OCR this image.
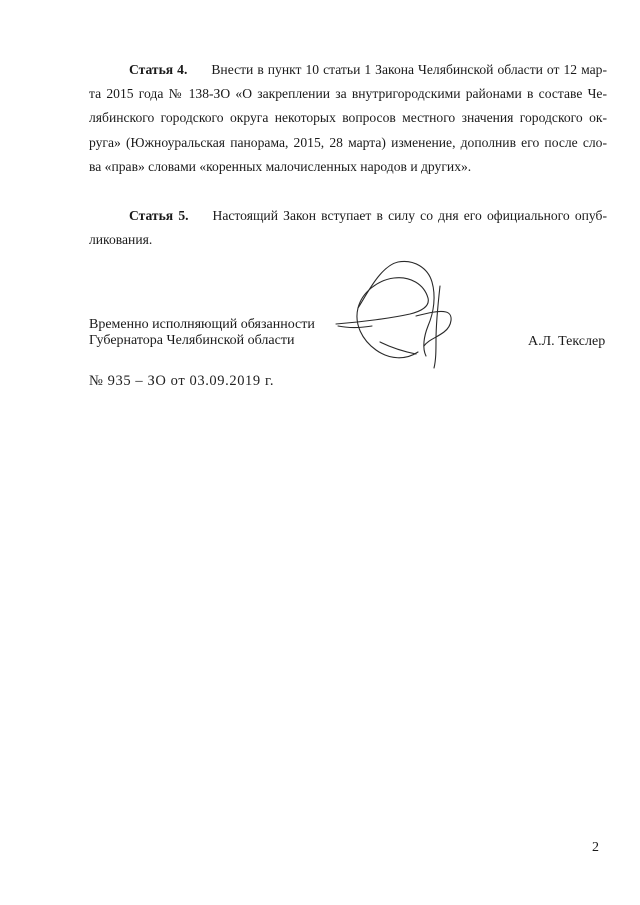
Статья 4. Внести в пункт 10 статьи 1 Закона Челябинской области от 12 мар-
та 2015 года № 138-ЗО «О закреплении за внутригородскими районами в составе Че-
лябинского городского округа некоторых вопросов местного значения городского ок-
руга» (Южноуральская панорама, 2015, 28 марта) изменение, дополнив его после сло-
ва «прав» словами «коренных малочисленных народов и других».
Статья 5. Настоящий Закон вступает в силу со дня его официального опуб-
ликования.
Временно исполняющий обязанности
Губернатора Челябинской области	А.Л. Текслер
№ 935 – ЗО от 03.09.2019 г.
2
